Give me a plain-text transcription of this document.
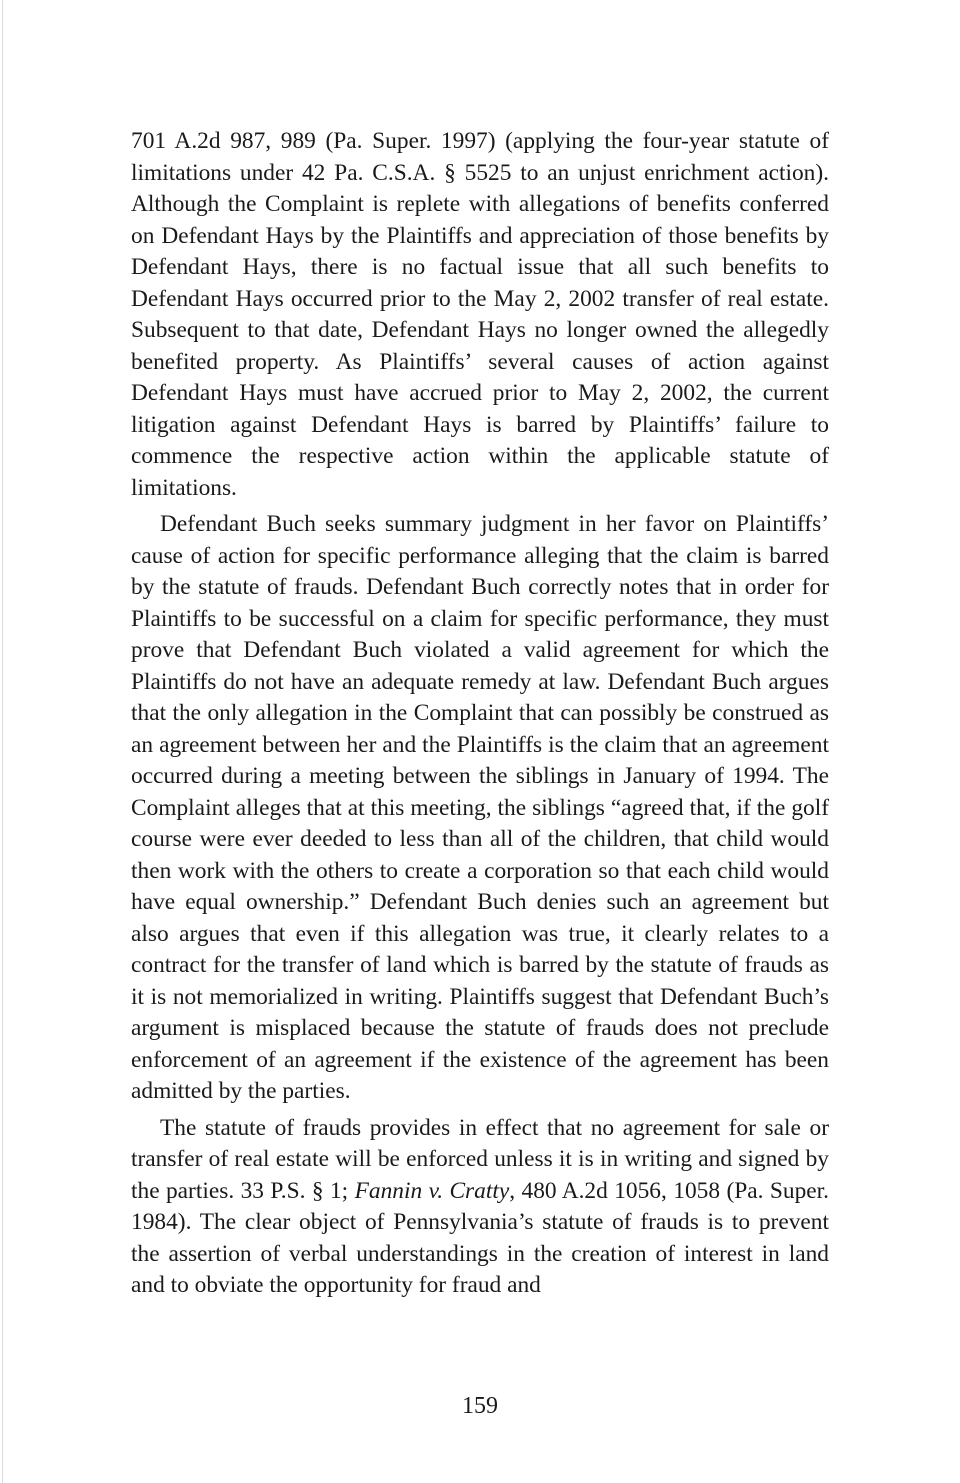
701 A.2d 987, 989 (Pa. Super. 1997) (applying the four-year statute of limitations under 42 Pa. C.S.A. § 5525 to an unjust enrichment action). Although the Complaint is replete with allegations of benefits conferred on Defendant Hays by the Plaintiffs and appreciation of those benefits by Defendant Hays, there is no factual issue that all such benefits to Defendant Hays occurred prior to the May 2, 2002 transfer of real estate. Subsequent to that date, Defendant Hays no longer owned the allegedly benefited property. As Plaintiffs’ several causes of action against Defendant Hays must have accrued prior to May 2, 2002, the current litigation against Defendant Hays is barred by Plaintiffs’ failure to commence the respective action within the applicable statute of limitations.

Defendant Buch seeks summary judgment in her favor on Plaintiffs’ cause of action for specific performance alleging that the claim is barred by the statute of frauds. Defendant Buch correctly notes that in order for Plaintiffs to be successful on a claim for specific performance, they must prove that Defendant Buch violated a valid agreement for which the Plaintiffs do not have an adequate remedy at law. Defendant Buch argues that the only allegation in the Complaint that can possibly be construed as an agreement between her and the Plaintiffs is the claim that an agreement occurred during a meeting between the siblings in January of 1994. The Complaint alleges that at this meeting, the siblings “agreed that, if the golf course were ever deeded to less than all of the children, that child would then work with the others to create a corporation so that each child would have equal ownership.” Defendant Buch denies such an agreement but also argues that even if this allegation was true, it clearly relates to a contract for the transfer of land which is barred by the statute of frauds as it is not memorialized in writing. Plaintiffs suggest that Defendant Buch’s argument is misplaced because the statute of frauds does not preclude enforcement of an agreement if the existence of the agreement has been admitted by the parties.

The statute of frauds provides in effect that no agreement for sale or transfer of real estate will be enforced unless it is in writing and signed by the parties. 33 P.S. § 1; Fannin v. Cratty, 480 A.2d 1056, 1058 (Pa. Super. 1984). The clear object of Pennsylvania’s statute of frauds is to prevent the assertion of verbal understandings in the creation of interest in land and to obviate the opportunity for fraud and

159
